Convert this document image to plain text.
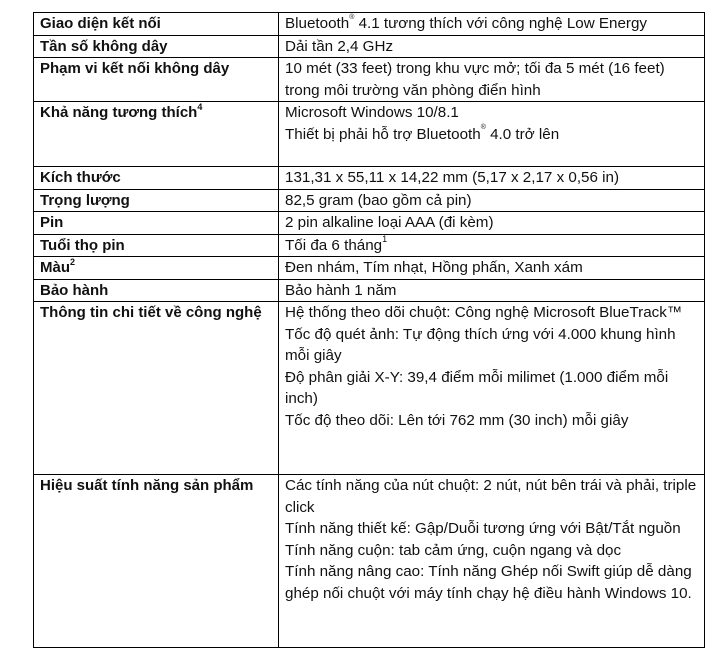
Giao diện kết nối	Bluetooth® 4.1 tương thích với công nghệ Low Energy
Tần số không dây	Dải tần 2,4 GHz
Phạm vi kết nối không dây	10 mét (33 feet) trong khu vực mở; tối đa 5 mét (16 feet) trong môi trường văn phòng điển hình
Khả năng tương thích$^4$	Microsoft Windows 10/8.1
Thiết bị phải hỗ trợ Bluetooth® 4.0 trở lên

Kích thước	131,31 x 55,11 x 14,22 mm (5,17 x 2,17 x 0,56 in)
Trọng lượng	82,5 gram (bao gồm cả pin)
Pin	2 pin alkaline loại AAA (đi kèm)
Tuổi thọ pin	Tối đa 6 tháng$^1$
Màu$^2$	Đen nhám, Tím nhạt, Hồng phấn, Xanh xám
Bảo hành	Bảo hành 1 năm
Thông tin chi tiết về công nghệ	Hệ thống theo dõi chuột: Công nghệ Microsoft BlueTrack™
Tốc độ quét ảnh: Tự động thích ứng với 4.000 khung hình mỗi giây
Độ phân giải X-Y: 39,4 điểm mỗi milimet (1.000 điểm mỗi inch)
Tốc độ theo dõi: Lên tới 762 mm (30 inch) mỗi giây

Hiệu suất tính năng sản phẩm	Các tính năng của nút chuột: 2 nút, nút bên trái và phải, triple click
Tính năng thiết kế: Gập/Duỗi tương ứng với Bật/Tắt nguồn
Tính năng cuộn: tab cảm ứng, cuộn ngang và dọc
Tính năng nâng cao: Tính năng Ghép nối Swift giúp dễ dàng ghép nối chuột với máy tính chạy hệ điều hành Windows 10.
